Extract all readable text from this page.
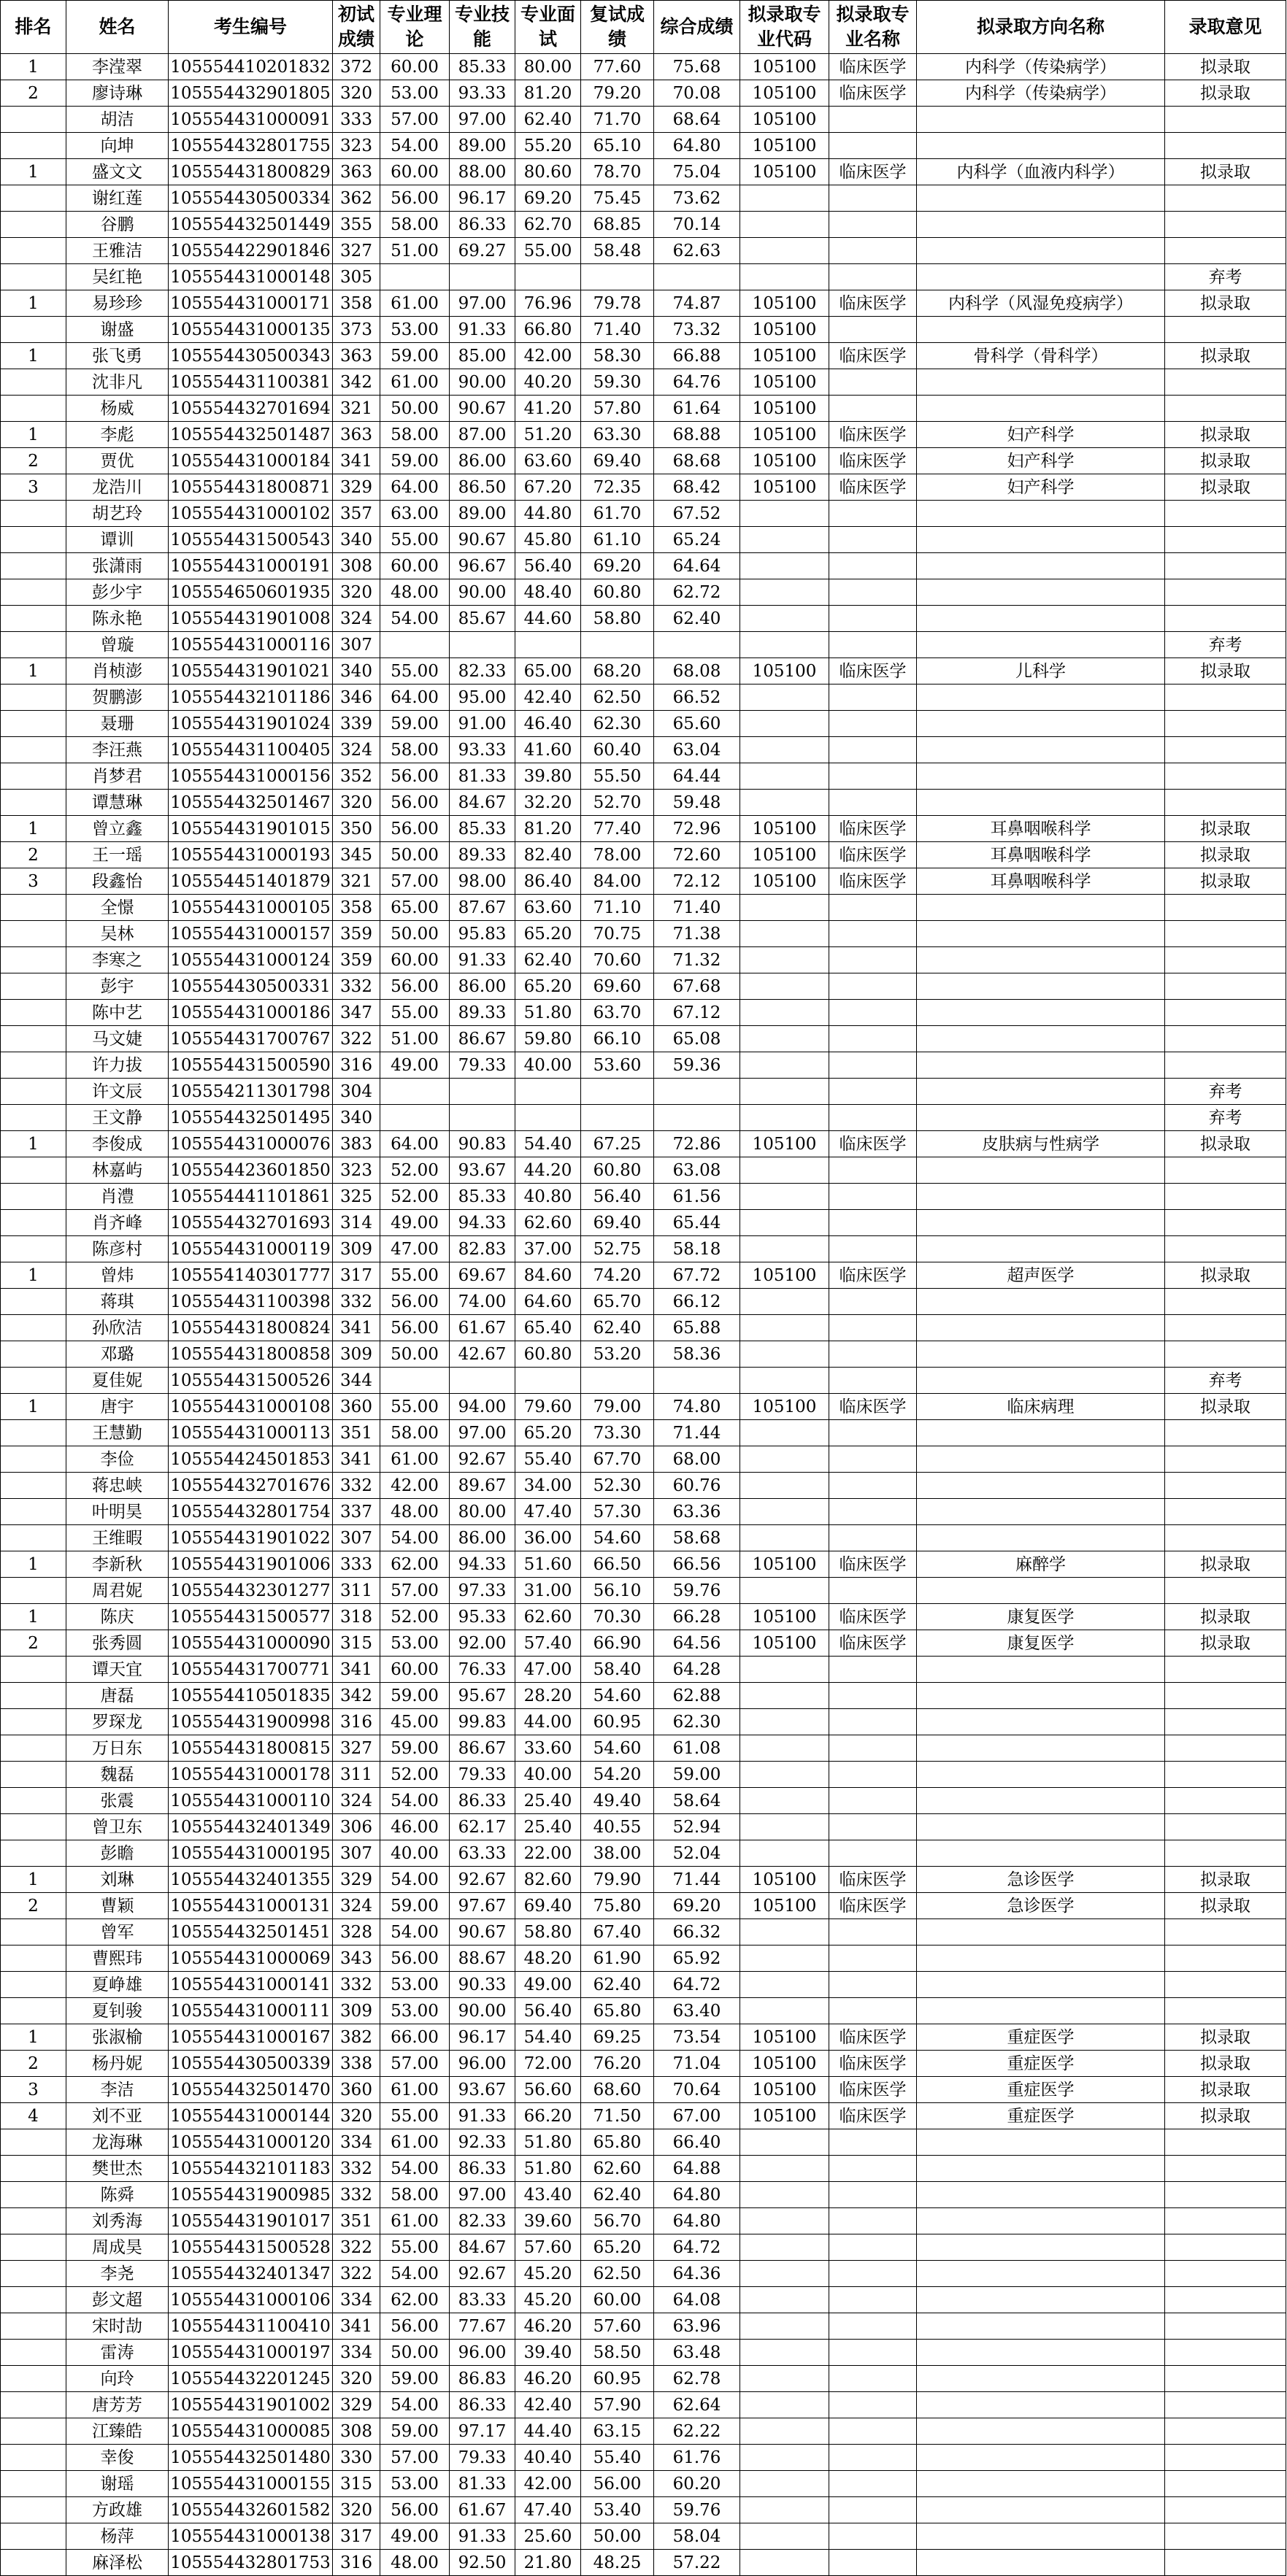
排名	姓名	考生编号	初试成绩	专业理论	专业技能	专业面试	复试成绩	综合成绩	拟录取专业代码	拟录取专业名称	拟录取方向名称	录取意见
1	李滢翠	105554410201832	372	60.00	85.33	80.00	77.60	75.68	105100	临床医学	内科学（传染病学）	拟录取
2	廖诗琳	105554432901805	320	53.00	93.33	81.20	79.20	70.08	105100	临床医学	内科学（传染病学）	拟录取
	胡洁	105554431000091	333	57.00	97.00	62.40	71.70	68.64	105100			
	向坤	105554432801755	323	54.00	89.00	55.20	65.10	64.80	105100			
1	盛文文	105554431800829	363	60.00	88.00	80.60	78.70	75.04	105100	临床医学	内科学（血液内科学）	拟录取
	谢红莲	105554430500334	362	56.00	96.17	69.20	75.45	73.62				
	谷鹏	105554432501449	355	58.00	86.33	62.70	68.85	70.14				
	王雅洁	105554422901846	327	51.00	69.27	55.00	58.48	62.63				
	吴红艳	105554431000148	305									弃考
1	易珍珍	105554431000171	358	61.00	97.00	76.96	79.78	74.87	105100	临床医学	内科学（风湿免疫病学）	拟录取
	谢盛	105554431000135	373	53.00	91.33	66.80	71.40	73.32	105100			
1	张飞勇	105554430500343	363	59.00	85.00	42.00	58.30	66.88	105100	临床医学	骨科学（骨科学）	拟录取
	沈非凡	105554431100381	342	61.00	90.00	40.20	59.30	64.76	105100			
	杨威	105554432701694	321	50.00	90.67	41.20	57.80	61.64	105100			
1	李彪	105554432501487	363	58.00	87.00	51.20	63.30	68.88	105100	临床医学	妇产科学	拟录取
2	贾优	105554431000184	341	59.00	86.00	63.60	69.40	68.68	105100	临床医学	妇产科学	拟录取
3	龙浩川	105554431800871	329	64.00	86.50	67.20	72.35	68.42	105100	临床医学	妇产科学	拟录取
	胡艺玲	105554431000102	357	63.00	89.00	44.80	61.70	67.52				
	谭训	105554431500543	340	55.00	90.67	45.80	61.10	65.24				
	张潇雨	105554431000191	308	60.00	96.67	56.40	69.20	64.64				
	彭少宇	105554650601935	320	48.00	90.00	48.40	60.80	62.72				
	陈永艳	105554431901008	324	54.00	85.67	44.60	58.80	62.40				
	曾璇	105554431000116	307									弃考
1	肖桢澎	105554431901021	340	55.00	82.33	65.00	68.20	68.08	105100	临床医学	儿科学	拟录取
	贺鹏澎	105554432101186	346	64.00	95.00	42.40	62.50	66.52				
	聂珊	105554431901024	339	59.00	91.00	46.40	62.30	65.60				
	李汪燕	105554431100405	324	58.00	93.33	41.60	60.40	63.04				
	肖梦君	105554431000156	352	56.00	81.33	39.80	55.50	64.44				
	谭慧琳	105554432501467	320	56.00	84.67	32.20	52.70	59.48				
1	曾立鑫	105554431901015	350	56.00	85.33	81.20	77.40	72.96	105100	临床医学	耳鼻咽喉科学	拟录取
2	王一瑶	105554431000193	345	50.00	89.33	82.40	78.00	72.60	105100	临床医学	耳鼻咽喉科学	拟录取
3	段鑫怡	105554451401879	321	57.00	98.00	86.40	84.00	72.12	105100	临床医学	耳鼻咽喉科学	拟录取
	全憬	105554431000105	358	65.00	87.67	63.60	71.10	71.40				
	吴林	105554431000157	359	50.00	95.83	65.20	70.75	71.38				
	李寒之	105554431000124	359	60.00	91.33	62.40	70.60	71.32				
	彭宇	105554430500331	332	56.00	86.00	65.20	69.60	67.68				
	陈中艺	105554431000186	347	55.00	89.33	51.80	63.70	67.12				
	马文婕	105554431700767	322	51.00	86.67	59.80	66.10	65.08				
	许力拔	105554431500590	316	49.00	79.33	40.00	53.60	59.36				
	许文辰	105554211301798	304									弃考
	王文静	105554432501495	340									弃考
1	李俊成	105554431000076	383	64.00	90.83	54.40	67.25	72.86	105100	临床医学	皮肤病与性病学	拟录取
	林嘉屿	105554423601850	323	52.00	93.67	44.20	60.80	63.08				
	肖澧	105554441101861	325	52.00	85.33	40.80	56.40	61.56				
	肖齐峰	105554432701693	314	49.00	94.33	62.60	69.40	65.44				
	陈彦村	105554431000119	309	47.00	82.83	37.00	52.75	58.18				
1	曾炜	105554140301777	317	55.00	69.67	84.60	74.20	67.72	105100	临床医学	超声医学	拟录取
	蒋琪	105554431100398	332	56.00	74.00	64.60	65.70	66.12				
	孙欣洁	105554431800824	341	56.00	61.67	65.40	62.40	65.88				
	邓璐	105554431800858	309	50.00	42.67	60.80	53.20	58.36				
	夏佳妮	105554431500526	344									弃考
1	唐宇	105554431000108	360	55.00	94.00	79.60	79.00	74.80	105100	临床医学	临床病理	拟录取
	王慧勤	105554431000113	351	58.00	97.00	65.20	73.30	71.44				
	李俭	105554424501853	341	61.00	92.67	55.40	67.70	68.00				
	蒋忠峡	105554432701676	332	42.00	89.67	34.00	52.30	60.76				
	叶明昊	105554432801754	337	48.00	80.00	47.40	57.30	63.36				
	王维暇	105554431901022	307	54.00	86.00	36.00	54.60	58.68				
1	李新秋	105554431901006	333	62.00	94.33	51.60	66.50	66.56	105100	临床医学	麻醉学	拟录取
	周君妮	105554432301277	311	57.00	97.33	31.00	56.10	59.76				
1	陈庆	105554431500577	318	52.00	95.33	62.60	70.30	66.28	105100	临床医学	康复医学	拟录取
2	张秀圆	105554431000090	315	53.00	92.00	57.40	66.90	64.56	105100	临床医学	康复医学	拟录取
	谭天宜	105554431700771	341	60.00	76.33	47.00	58.40	64.28				
	唐磊	105554410501835	342	59.00	95.67	28.20	54.60	62.88				
	罗琛龙	105554431900998	316	45.00	99.83	44.00	60.95	62.30				
	万日东	105554431800815	327	59.00	86.67	33.60	54.60	61.08				
	魏磊	105554431000178	311	52.00	79.33	40.00	54.20	59.00				
	张震	105554431000110	324	54.00	86.33	25.40	49.40	58.64				
	曾卫东	105554432401349	306	46.00	62.17	25.40	40.55	52.94				
	彭瞻	105554431000195	307	40.00	63.33	22.00	38.00	52.04				
1	刘琳	105554432401355	329	54.00	92.67	82.60	79.90	71.44	105100	临床医学	急诊医学	拟录取
2	曹颖	105554431000131	324	59.00	97.67	69.40	75.80	69.20	105100	临床医学	急诊医学	拟录取
	曾军	105554432501451	328	54.00	90.67	58.80	67.40	66.32				
	曹熙玮	105554431000069	343	56.00	88.67	48.20	61.90	65.92				
	夏峥雄	105554431000141	332	53.00	90.33	49.00	62.40	64.72				
	夏钊骏	105554431000111	309	53.00	90.00	56.40	65.80	63.40				
1	张淑榆	105554431000167	382	66.00	96.17	54.40	69.25	73.54	105100	临床医学	重症医学	拟录取
2	杨丹妮	105554430500339	338	57.00	96.00	72.00	76.20	71.04	105100	临床医学	重症医学	拟录取
3	李洁	105554432501470	360	61.00	93.67	56.60	68.60	70.64	105100	临床医学	重症医学	拟录取
4	刘不亚	105554431000144	320	55.00	91.33	66.20	71.50	67.00	105100	临床医学	重症医学	拟录取
	龙海琳	105554431000120	334	61.00	92.33	51.80	65.80	66.40				
	樊世杰	105554432101183	332	54.00	86.33	51.80	62.60	64.88				
	陈舜	105554431900985	332	58.00	97.00	43.40	62.40	64.80				
	刘秀海	105554431901017	351	61.00	82.33	39.60	56.70	64.80				
	周成昊	105554431500528	322	55.00	84.67	57.60	65.20	64.72				
	李尧	105554432401347	322	54.00	92.67	45.20	62.50	64.36				
	彭文超	105554431000106	334	62.00	83.33	45.20	60.00	64.08				
	宋时劼	105554431100410	341	56.00	77.67	46.20	57.60	63.96				
	雷涛	105554431000197	334	50.00	96.00	39.40	58.50	63.48				
	向玲	105554432201245	320	59.00	86.83	46.20	60.95	62.78				
	唐芳芳	105554431901002	329	54.00	86.33	42.40	57.90	62.64				
	江臻皓	105554431000085	308	59.00	97.17	44.40	63.15	62.22				
	幸俊	105554432501480	330	57.00	79.33	40.40	55.40	61.76				
	谢瑶	105554431000155	315	53.00	81.33	42.00	56.00	60.20				
	方政雄	105554432601582	320	56.00	61.67	47.40	53.40	59.76				
	杨萍	105554431000138	317	49.00	91.33	25.60	50.00	58.04				
	麻泽松	105554432801753	316	48.00	92.50	21.80	48.25	57.22				
